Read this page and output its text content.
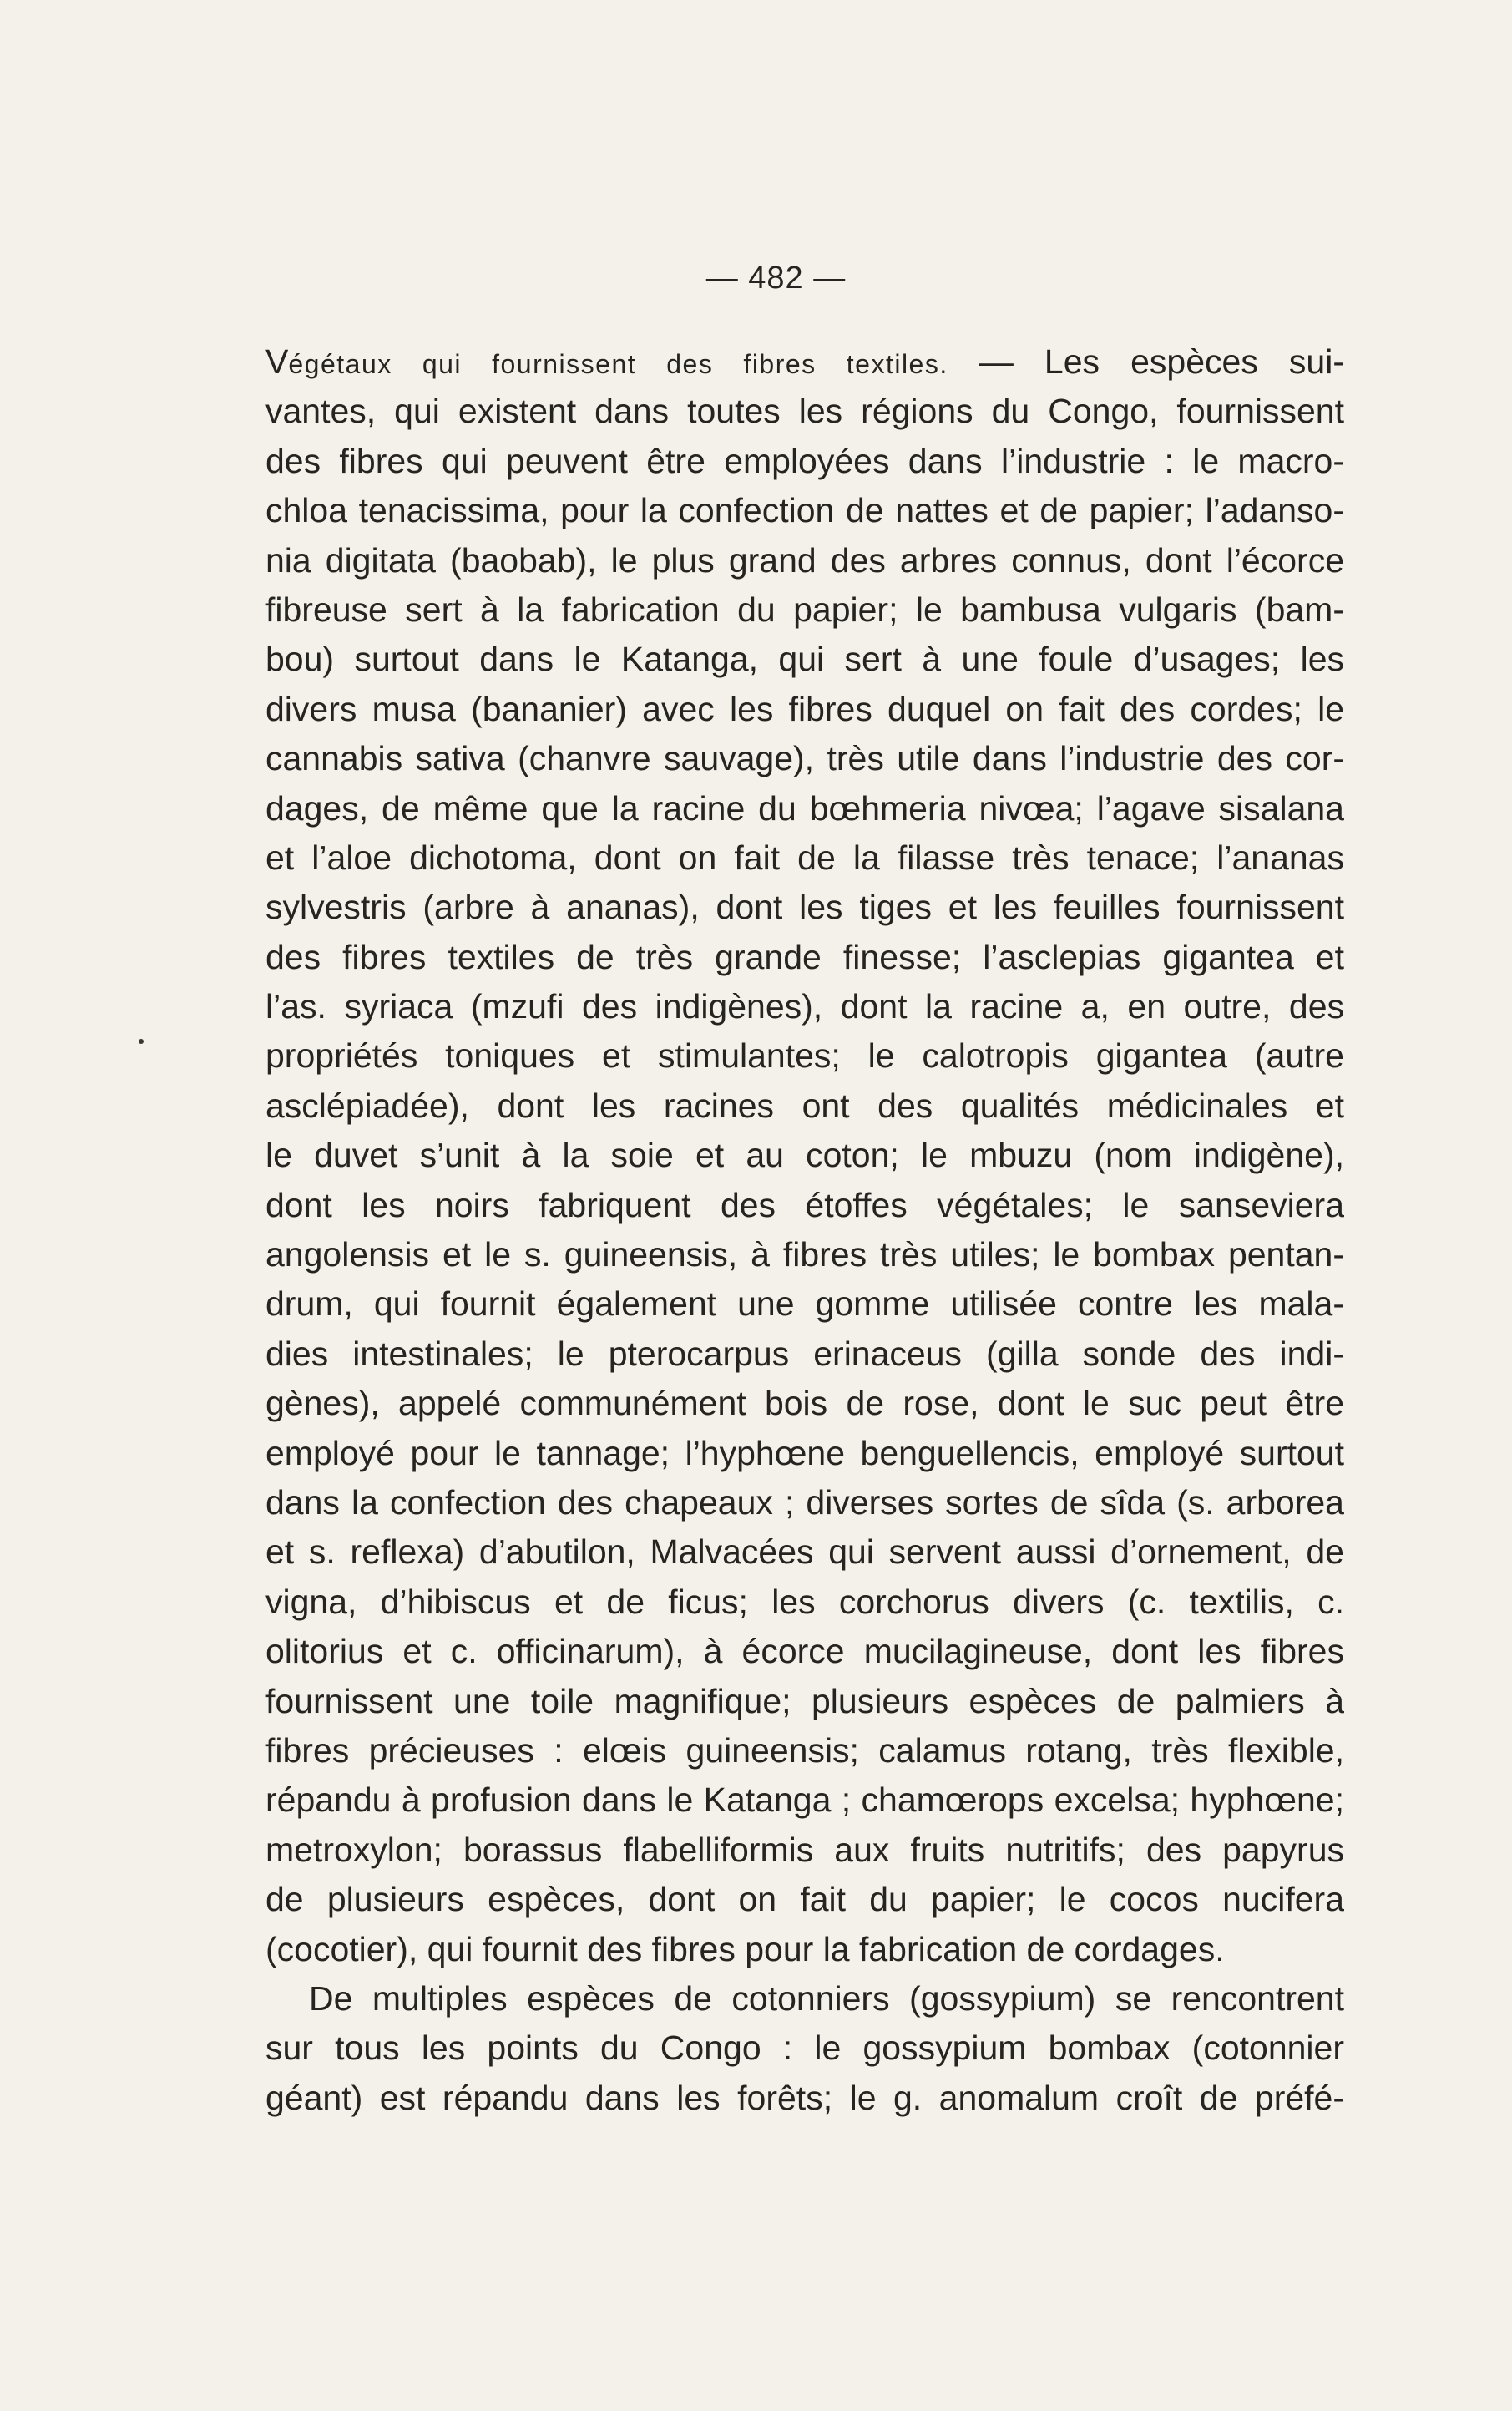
— 482 —
Végétaux qui fournissent des fibres textiles. — Les espèces sui-
vantes, qui existent dans toutes les régions du Congo, fournissent
des fibres qui peuvent être employées dans l’industrie : le macro-
chloa tenacissima, pour la confection de nattes et de papier; l’adanso-
nia digitata (baobab), le plus grand des arbres connus, dont l’écorce
fibreuse sert à la fabrication du papier; le bambusa vulgaris (bam-
bou) surtout dans le Katanga, qui sert à une foule d’usages; les
divers musa (bananier) avec les fibres duquel on fait des cordes; le
cannabis sativa (chanvre sauvage), très utile dans l’industrie des cor-
dages, de même que la racine du bœhmeria nivœa; l’agave sisalana
et l’aloe dichotoma, dont on fait de la filasse très tenace; l’ananas
sylvestris (arbre à ananas), dont les tiges et les feuilles fournissent
des fibres textiles de très grande finesse; l’asclepias gigantea et
l’as. syriaca (mzufi des indigènes), dont la racine a, en outre, des
propriétés toniques et stimulantes; le calotropis gigantea (autre
asclépiadée), dont les racines ont des qualités médicinales et
le duvet s’unit à la soie et au coton; le mbuzu (nom indigène),
dont les noirs fabriquent des étoffes végétales; le sanseviera
angolensis et le s. guineensis, à fibres très utiles; le bombax pentan-
drum, qui fournit également une gomme utilisée contre les mala-
dies intestinales; le pterocarpus erinaceus (gilla sonde des indi-
gènes), appelé communément bois de rose, dont le suc peut être
employé pour le tannage; l’hyphœne benguellencis, employé surtout
dans la confection des chapeaux ; diverses sortes de sîda (s. arborea
et s. reflexa) d’abutilon, Malvacées qui servent aussi d’ornement, de
vigna, d’hibiscus et de ficus; les corchorus divers (c. textilis, c.
olitorius et c. officinarum), à écorce mucilagineuse, dont les fibres
fournissent une toile magnifique; plusieurs espèces de palmiers à
fibres précieuses : elœis guineensis; calamus rotang, très flexible,
répandu à profusion dans le Katanga ; chamœrops excelsa; hyphœne;
metroxylon; borassus flabelliformis aux fruits nutritifs; des papyrus
de plusieurs espèces, dont on fait du papier; le cocos nucifera
(cocotier), qui fournit des fibres pour la fabrication de cordages.
De multiples espèces de cotonniers (gossypium) se rencontrent
sur tous les points du Congo : le gossypium bombax (cotonnier
géant) est répandu dans les forêts; le g. anomalum croît de préfé-
